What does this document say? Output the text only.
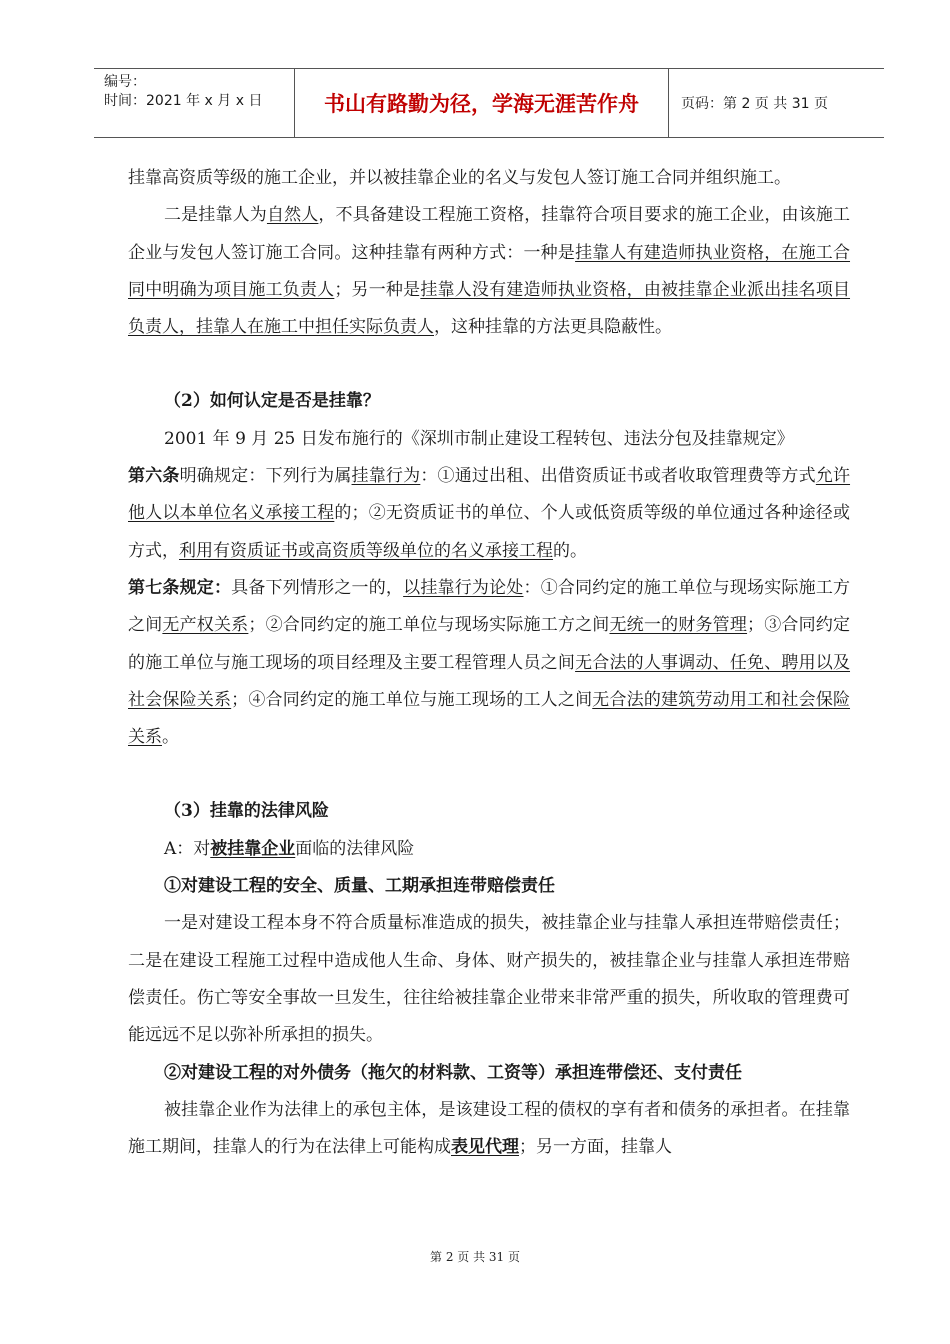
编号：
时间：2021 年 x 月 x 日	书山有路勤为径，学海无涯苦作舟	页码：第 2 页 共 31 页

挂靠高资质等级的施工企业，并以被挂靠企业的名义与发包人签订施工合同并组织施工。

二是挂靠人为自然人，不具备建设工程施工资格，挂靠符合项目要求的施工企业，由该施工企业与发包人签订施工合同。这种挂靠有两种方式：一种是挂靠人有建造师执业资格，在施工合同中明确为项目施工负责人；另一种是挂靠人没有建造师执业资格，由被挂靠企业派出挂名项目负责人，挂靠人在施工中担任实际负责人，这种挂靠的方法更具隐蔽性。

（2）如何认定是否是挂靠？

2001 年 9 月 25 日发布施行的《深圳市制止建设工程转包、违法分包及挂靠规定》

第六条明确规定：下列行为属挂靠行为：①通过出租、出借资质证书或者收取管理费等方式允许他人以本单位名义承接工程的；②无资质证书的单位、个人或低资质等级的单位通过各种途径或方式，利用有资质证书或高资质等级单位的名义承接工程的。

第七条规定：具备下列情形之一的，以挂靠行为论处：①合同约定的施工单位与现场实际施工方之间无产权关系；②合同约定的施工单位与现场实际施工方之间无统一的财务管理；③合同约定的施工单位与施工现场的项目经理及主要工程管理人员之间无合法的人事调动、任免、聘用以及社会保险关系；④合同约定的施工单位与施工现场的工人之间无合法的建筑劳动用工和社会保险关系。

（3）挂靠的法律风险

A：对被挂靠企业面临的法律风险

①对建设工程的安全、质量、工期承担连带赔偿责任

一是对建设工程本身不符合质量标准造成的损失，被挂靠企业与挂靠人承担连带赔偿责任；二是在建设工程施工过程中造成他人生命、身体、财产损失的，被挂靠企业与挂靠人承担连带赔偿责任。伤亡等安全事故一旦发生，往往给被挂靠企业带来非常严重的损失，所收取的管理费可能远远不足以弥补所承担的损失。

②对建设工程的对外债务（拖欠的材料款、工资等）承担连带偿还、支付责任

被挂靠企业作为法律上的承包主体，是该建设工程的债权的享有者和债务的承担者。在挂靠施工期间，挂靠人的行为在法律上可能构成表见代理；另一方面，挂靠人

第 2 页 共 31 页
